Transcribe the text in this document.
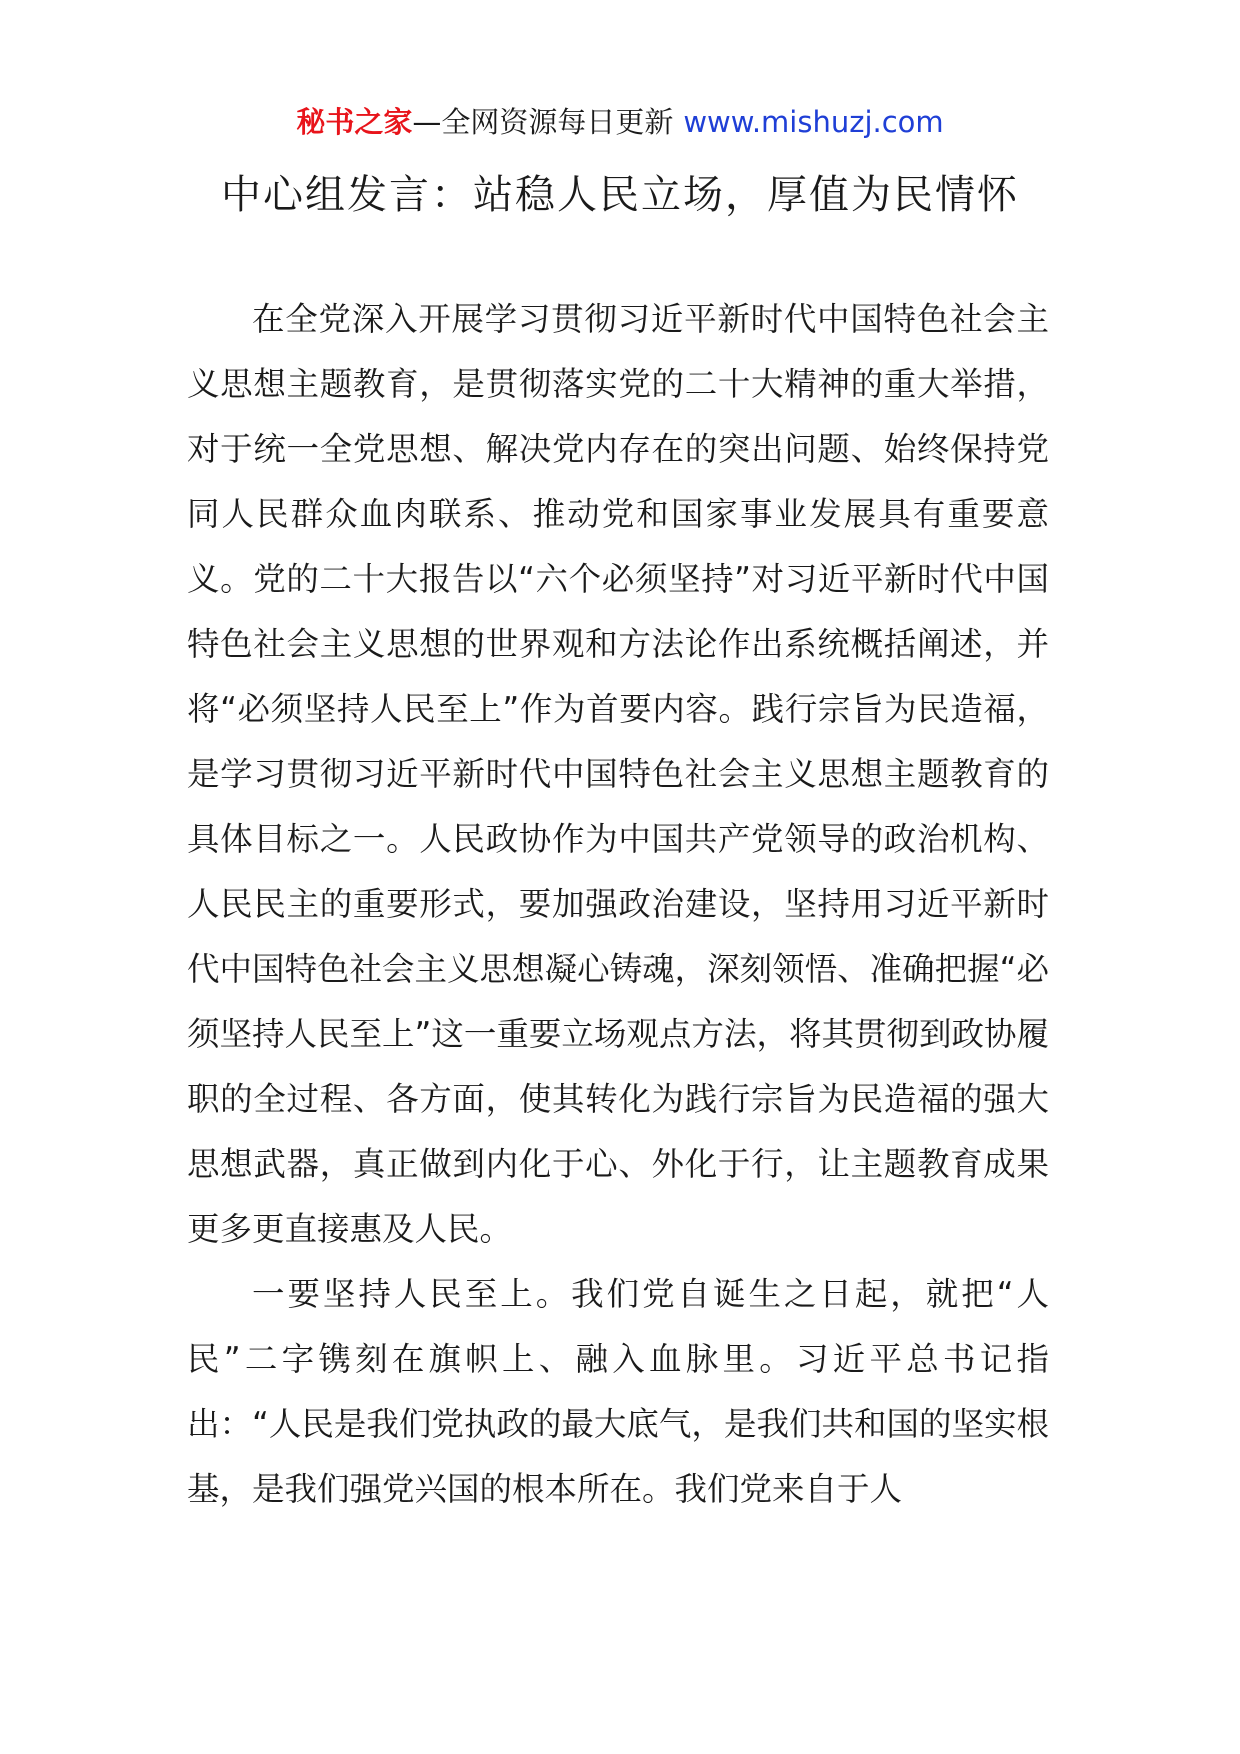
秘书之家—全网资源每日更新 www.mishuzj.com
中心组发言：站稳人民立场，厚值为民情怀

在全党深入开展学习贯彻习近平新时代中国特色社会主义思想主题教育，是贯彻落实党的二十大精神的重大举措，对于统一全党思想、解决党内存在的突出问题、始终保持党同人民群众血肉联系、推动党和国家事业发展具有重要意义。党的二十大报告以“六个必须坚持”对习近平新时代中国特色社会主义思想的世界观和方法论作出系统概括阐述，并将“必须坚持人民至上”作为首要内容。践行宗旨为民造福，是学习贯彻习近平新时代中国特色社会主义思想主题教育的具体目标之一。人民政协作为中国共产党领导的政治机构、人民民主的重要形式，要加强政治建设，坚持用习近平新时代中国特色社会主义思想凝心铸魂，深刻领悟、准确把握“必须坚持人民至上”这一重要立场观点方法，将其贯彻到政协履职的全过程、各方面，使其转化为践行宗旨为民造福的强大思想武器，真正做到内化于心、外化于行，让主题教育成果更多更直接惠及人民。

一要坚持人民至上。我们党自诞生之日起，就把“人民”二字镌刻在旗帜上、融入血脉里。习近平总书记指出：“人民是我们党执政的最大底气，是我们共和国的坚实根基，是我们强党兴国的根本所在。我们党来自于人
